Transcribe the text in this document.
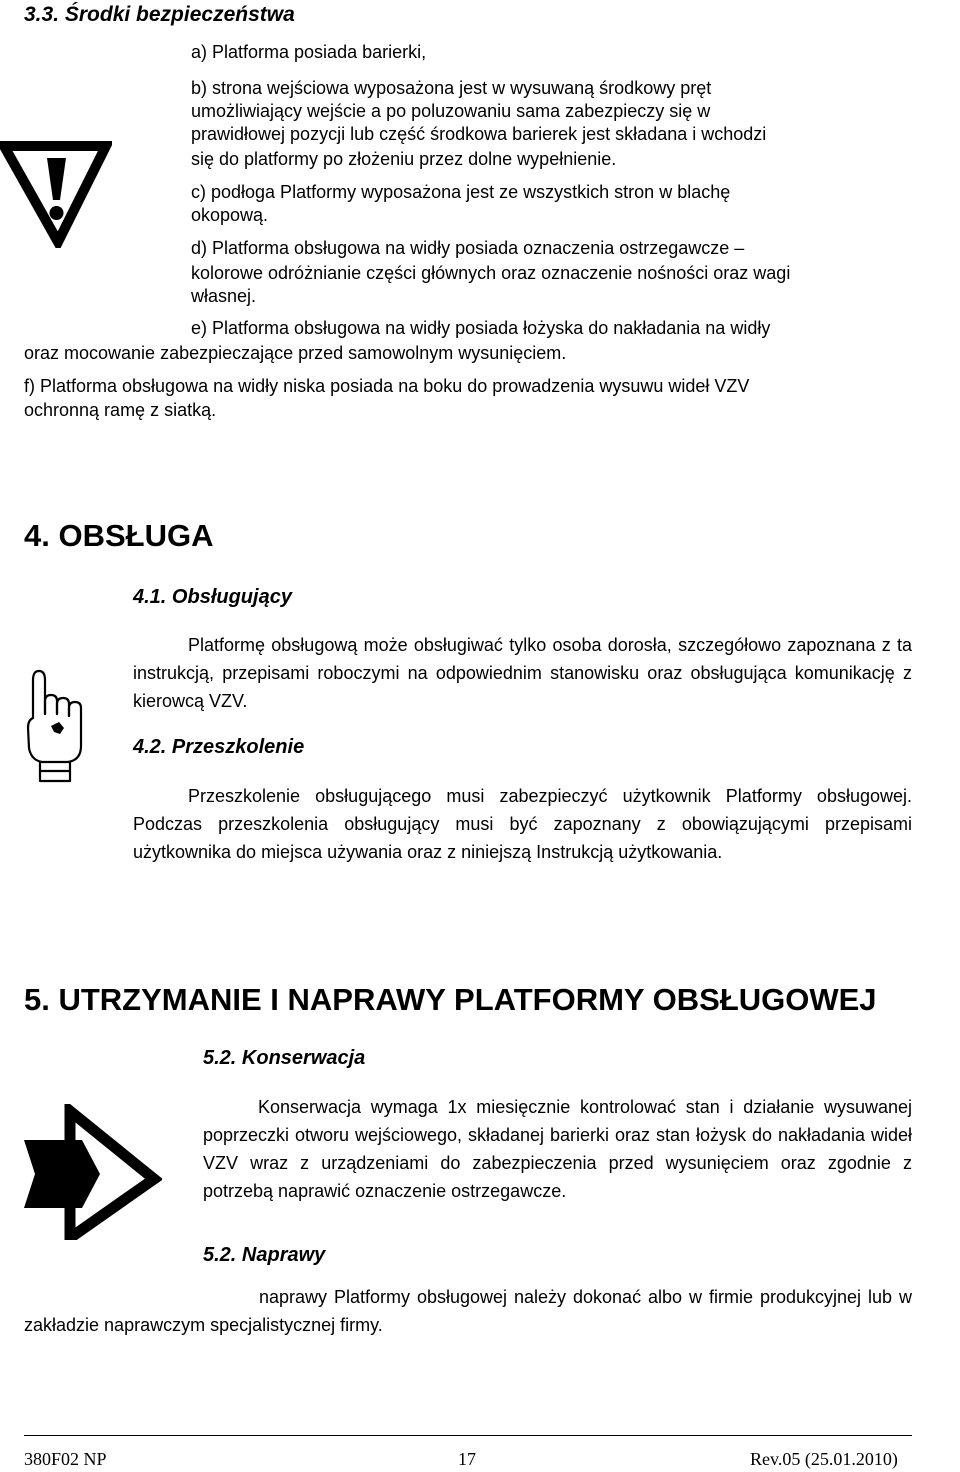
3.3. Środki bezpieczeństwa
a) Platforma posiada barierki,
b) strona wejściowa wyposażona jest w wysuwaną środkowy pręt
umożliwiający wejście a po poluzowaniu sama zabezpieczy się w
prawidłowej pozycji lub część środkowa barierek jest składana i wchodzi
się do platformy po złożeniu przez dolne wypełnienie.
c) podłoga Platformy wyposażona jest ze wszystkich stron w blachę
okopową.
d) Platforma obsługowa na widły posiada oznaczenia ostrzegawcze –
kolorowe odróżnianie części głównych oraz oznaczenie nośności oraz wagi
własnej.
e) Platforma obsługowa na widły posiada łożyska do nakładania na widły
oraz mocowanie zabezpieczające przed samowolnym wysunięciem.
f) Platforma obsługowa na widły niska posiada na boku do prowadzenia wysuwu wideł VZV
ochronną ramę z siatką.
4. OBSŁUGA
4.1. Obsługujący
Platformę obsługową może obsługiwać tylko osoba dorosła, szczegółowo zapoznana z ta instrukcją, przepisami roboczymi na odpowiednim stanowisku oraz obsługująca komunikację z kierowcą VZV.
4.2. Przeszkolenie
Przeszkolenie obsługującego musi zabezpieczyć użytkownik Platformy obsługowej. Podczas przeszkolenia obsługujący musi być zapoznany z obowiązującymi przepisami użytkownika do miejsca używania oraz z niniejszą Instrukcją użytkowania.
5. UTRZYMANIE I NAPRAWY PLATFORMY OBSŁUGOWEJ
5.2. Konserwacja
Konserwacja wymaga 1x miesięcznie kontrolować stan i działanie wysuwanej poprzeczki otworu wejściowego, składanej barierki oraz stan łożysk do nakładania wideł VZV wraz z urządzeniami do zabezpieczenia przed wysunięciem oraz zgodnie z potrzebą naprawić oznaczenie ostrzegawcze.
5.2. Naprawy
naprawy Platformy obsługowej należy dokonać albo w firmie produkcyjnej lub w zakładzie naprawczym specjalistycznej firmy.
380F02 NP	17	Rev.05 (25.01.2010)
